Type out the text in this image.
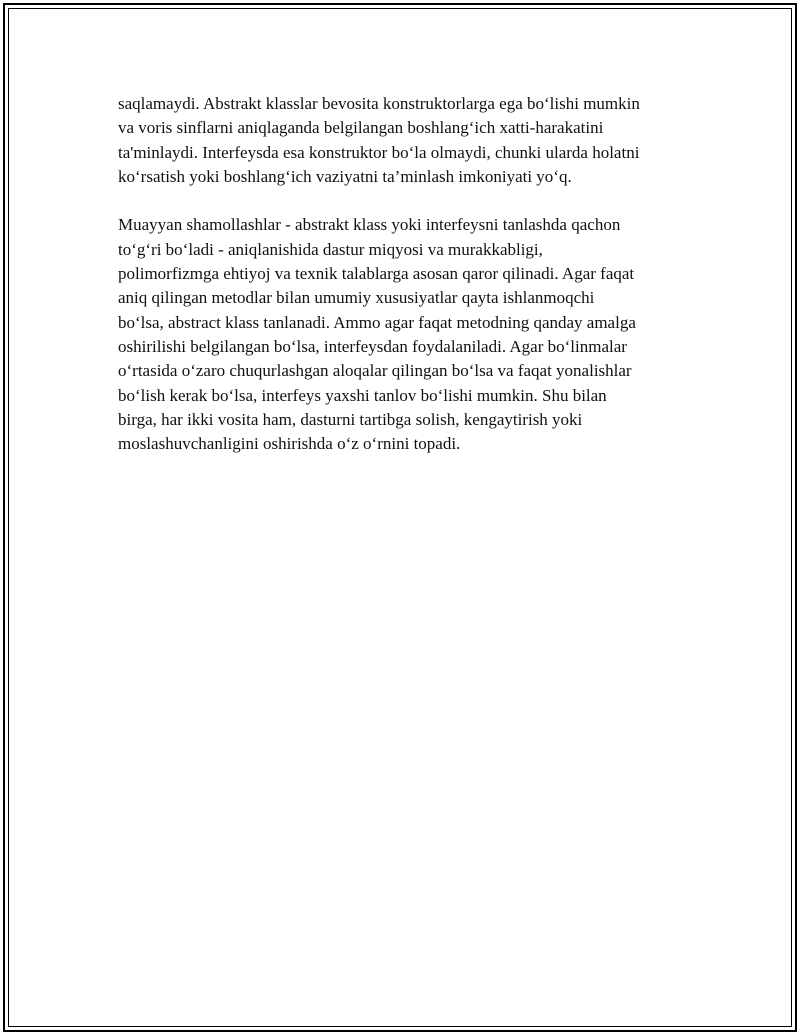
saqlamaydi. Abstrakt klasslar bevosita konstruktorlarga ega bo‘lishi mumkin
va voris sinflarni aniqlaganda belgilangan boshlang‘ich xatti-harakatini
ta'minlaydi. Interfeysda esa konstruktor bo‘la olmaydi, chunki ularda holatni
ko‘rsatish yoki boshlang‘ich vaziyatni ta’minlash imkoniyati yo‘q.

Muayyan shamollashlar - abstrakt klass yoki interfeysni tanlashda qachon
to‘g‘ri bo‘ladi - aniqlanishida dastur miqyosi va murakkabligi,
polimorfizmga ehtiyoj va texnik talablarga asosan qaror qilinadi. Agar faqat
aniq qilingan metodlar bilan umumiy xususiyatlar qayta ishlanmoqchi
bo‘lsa, abstract klass tanlanadi. Ammo agar faqat metodning qanday amalga
oshirilishi belgilangan bo‘lsa, interfeysdan foydalaniladi. Agar bo‘linmalar
o‘rtasida o‘zaro chuqurlashgan aloqalar qilingan bo‘lsa va faqat yonalishlar
bo‘lish kerak bo‘lsa, interfeys yaxshi tanlov bo‘lishi mumkin. Shu bilan
birga, har ikki vosita ham, dasturni tartibga solish, kengaytirish yoki
moslashuvchanligini oshirishda o‘z o‘rnini topadi.
